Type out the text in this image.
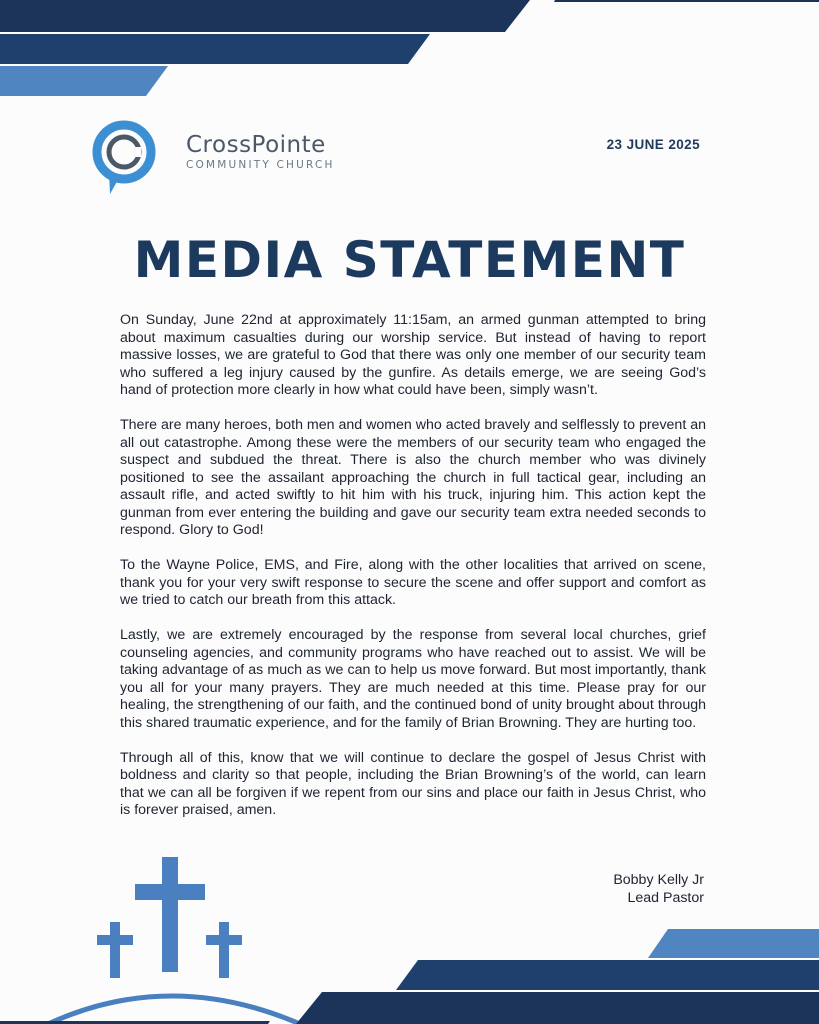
CrossPointe
COMMUNITY CHURCH
23 JUNE 2025
MEDIA STATEMENT

On Sunday, June 22nd at approximately 11:15am, an armed gunman attempted to bring about maximum casualties during our worship service. But instead of having to report massive losses, we are grateful to God that there was only one member of our security team who suffered a leg injury caused by the gunfire. As details emerge, we are seeing God’s hand of protection more clearly in how what could have been, simply wasn’t.

There are many heroes, both men and women who acted bravely and selflessly to prevent an all out catastrophe. Among these were the members of our security team who engaged the suspect and subdued the threat. There is also the church member who was divinely positioned to see the assailant approaching the church in full tactical gear, including an assault rifle, and acted swiftly to hit him with his truck, injuring him. This action kept the gunman from ever entering the building and gave our security team extra needed seconds to respond. Glory to God!

To the Wayne Police, EMS, and Fire, along with the other localities that arrived on scene, thank you for your very swift response to secure the scene and offer support and comfort as we tried to catch our breath from this attack.

Lastly, we are extremely encouraged by the response from several local churches, grief counseling agencies, and community programs who have reached out to assist. We will be taking advantage of as much as we can to help us move forward. But most importantly, thank you all for your many prayers. They are much needed at this time. Please pray for our healing, the strengthening of our faith, and the continued bond of unity brought about through this shared traumatic experience, and for the family of Brian Browning. They are hurting too.

Through all of this, know that we will continue to declare the gospel of Jesus Christ with boldness and clarity so that people, including the Brian Browning’s of the world, can learn that we can all be forgiven if we repent from our sins and place our faith in Jesus Christ, who is forever praised, amen.

Bobby Kelly Jr
Lead Pastor
